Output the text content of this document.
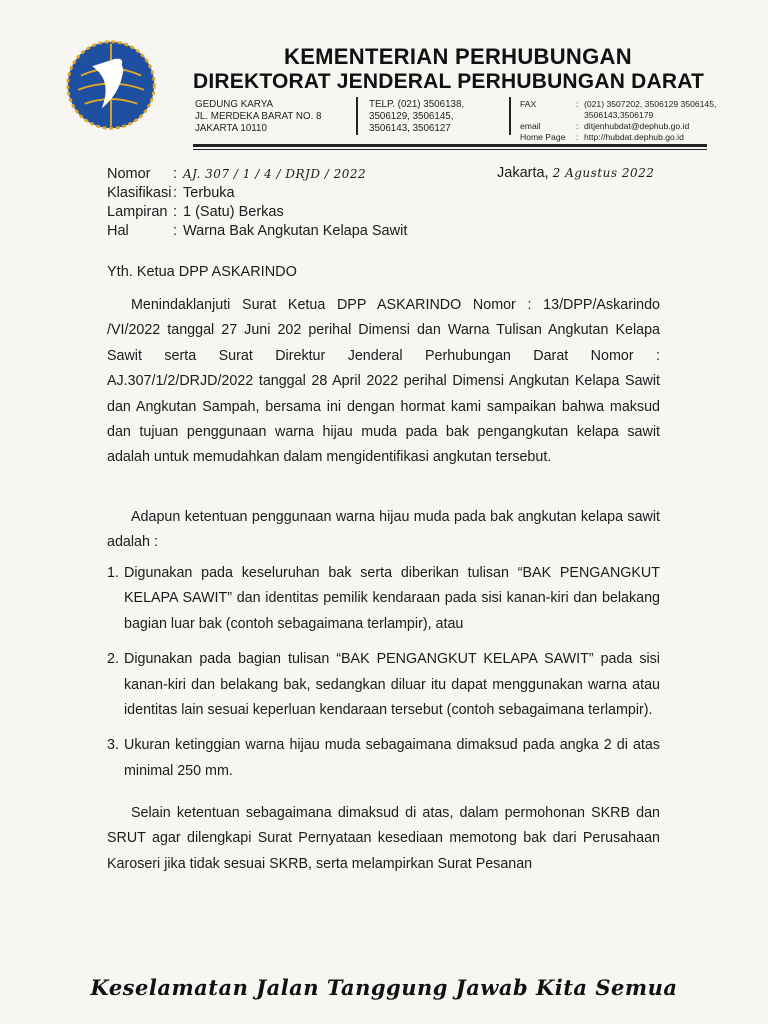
KEMENTERIAN PERHUBUNGAN
DIREKTORAT JENDERAL PERHUBUNGAN DARAT
GEDUNG KARYA
JL. MERDEKA BARAT NO. 8
JAKARTA 10110
TELP. (021) 3506138,
3506129, 3506145,
3506143, 3506127
FAX	: (021) 3507202, 3506129 3506145, 3506143,3506179
email	: ditjenhubdat@dephub.go.id
Home Page	: http://hubdat.dephub.go.id
Nomor	: AJ. 307 / 1 / 4 / DRJD / 2022
Klasifikasi : Terbuka
Lampiran : 1 (Satu) Berkas
Hal	: Warna Bak Angkutan Kelapa Sawit
Jakarta, 2 Agustus 2022
Yth. Ketua DPP ASKARINDO

Menindaklanjuti Surat Ketua DPP ASKARINDO Nomor : 13/DPP/Askarindo /VI/2022 tanggal 27 Juni 202 perihal Dimensi dan Warna Tulisan Angkutan Kelapa Sawit serta Surat Direktur Jenderal Perhubungan Darat Nomor : AJ.307/1/2/DRJD/2022 tanggal 28 April 2022 perihal Dimensi Angkutan Kelapa Sawit dan Angkutan Sampah, bersama ini dengan hormat kami sampaikan bahwa maksud dan tujuan penggunaan warna hijau muda pada bak pengangkutan kelapa sawit adalah untuk memudahkan dalam mengidentifikasi angkutan tersebut.

Adapun ketentuan penggunaan warna hijau muda pada bak angkutan kelapa sawit adalah :

1. Digunakan pada keseluruhan bak serta diberikan tulisan “BAK PENGANGKUT KELAPA SAWIT” dan identitas pemilik kendaraan pada sisi kanan-kiri dan belakang bagian luar bak (contoh sebagaimana terlampir), atau
2. Digunakan pada bagian tulisan “BAK PENGANGKUT KELAPA SAWIT” pada sisi kanan-kiri dan belakang bak, sedangkan diluar itu dapat menggunakan warna atau identitas lain sesuai keperluan kendaraan tersebut (contoh sebagaimana terlampir).
3. Ukuran ketinggian warna hijau muda sebagaimana dimaksud pada angka 2 di atas minimal 250 mm.

Selain ketentuan sebagaimana dimaksud di atas, dalam permohonan SKRB dan SRUT agar dilengkapi Surat Pernyataan kesediaan memotong bak dari Perusahaan Karoseri jika tidak sesuai SKRB, serta melampirkan Surat Pesanan

Keselamatan Jalan Tanggung Jawab Kita Semua
